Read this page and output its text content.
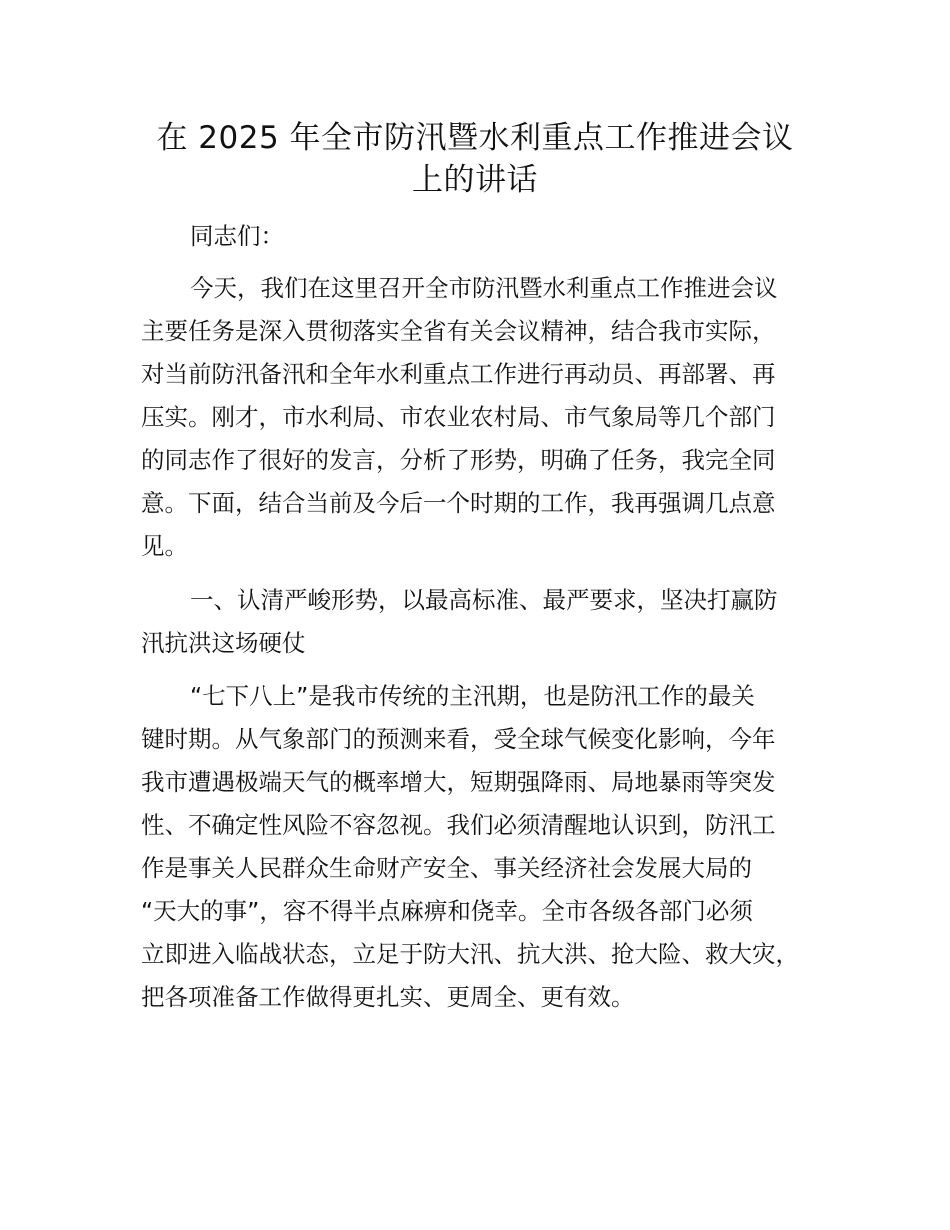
在 2025 年全市防汛暨水利重点工作推进会议
上的讲话

同志们：

今天，我们在这里召开全市防汛暨水利重点工作推进会议

主要任务是深入贯彻落实全省有关会议精神，结合我市实际，

对当前防汛备汛和全年水利重点工作进行再动员、再部署、再

压实。刚才，市水利局、市农业农村局、市气象局等几个部门

的同志作了很好的发言，分析了形势，明确了任务，我完全同

意。下面，结合当前及今后一个时期的工作，我再强调几点意

见。

一、认清严峻形势，以最高标准、最严要求，坚决打赢防

汛抗洪这场硬仗

“七下八上”是我市传统的主汛期，也是防汛工作的最关

键时期。从气象部门的预测来看，受全球气候变化影响，今年

我市遭遇极端天气的概率增大，短期强降雨、局地暴雨等突发

性、不确定性风险不容忽视。我们必须清醒地认识到，防汛工

作是事关人民群众生命财产安全、事关经济社会发展大局的

“天大的事”，容不得半点麻痹和侥幸。全市各级各部门必须

立即进入临战状态，立足于防大汛、抗大洪、抢大险、救大灾，

把各项准备工作做得更扎实、更周全、更有效。
